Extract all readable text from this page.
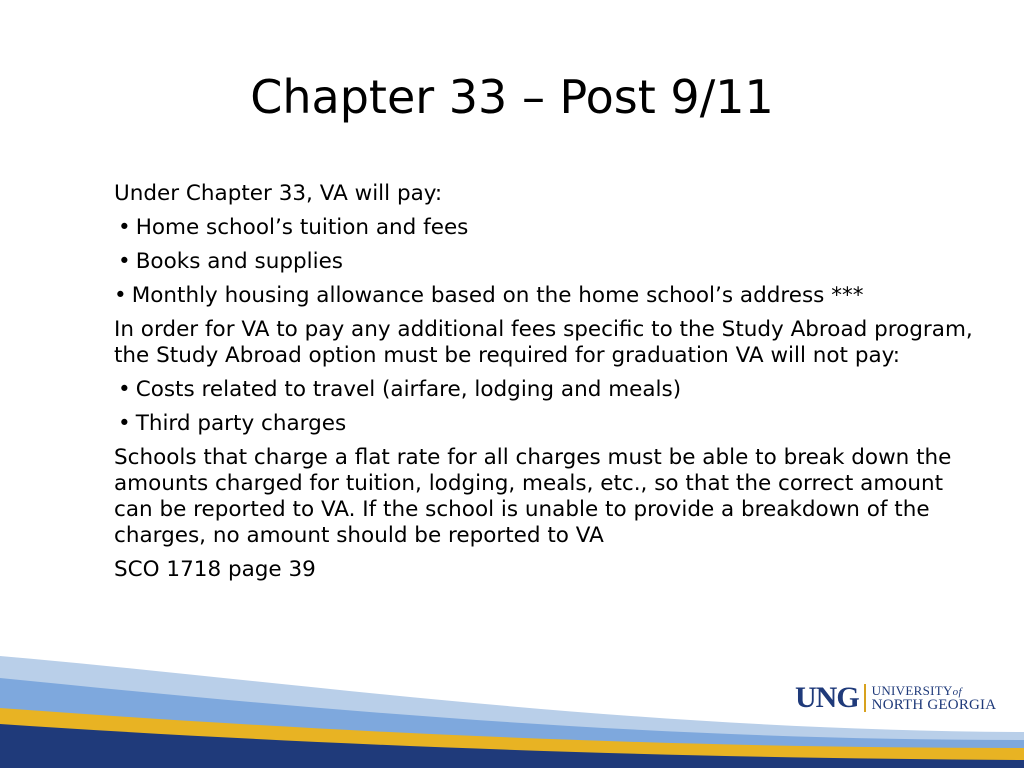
Chapter 33 – Post 9/11

Under Chapter 33, VA will pay:

• Home school’s tuition and fees

• Books and supplies

• Monthly housing allowance based on the home school’s address ***

In order for VA to pay any additional fees specific to the Study Abroad program, the Study Abroad option must be required for graduation VA will not pay:

• Costs related to travel (airfare, lodging and meals)

• Third party charges

Schools that charge a flat rate for all charges must be able to break down the amounts charged for tuition, lodging, meals, etc., so that the correct amount can be reported to VA. If the school is unable to provide a breakdown of the charges, no amount should be reported to VA

SCO 1718 page 39

UNG UNIVERSITYof
NORTH GEORGIA
